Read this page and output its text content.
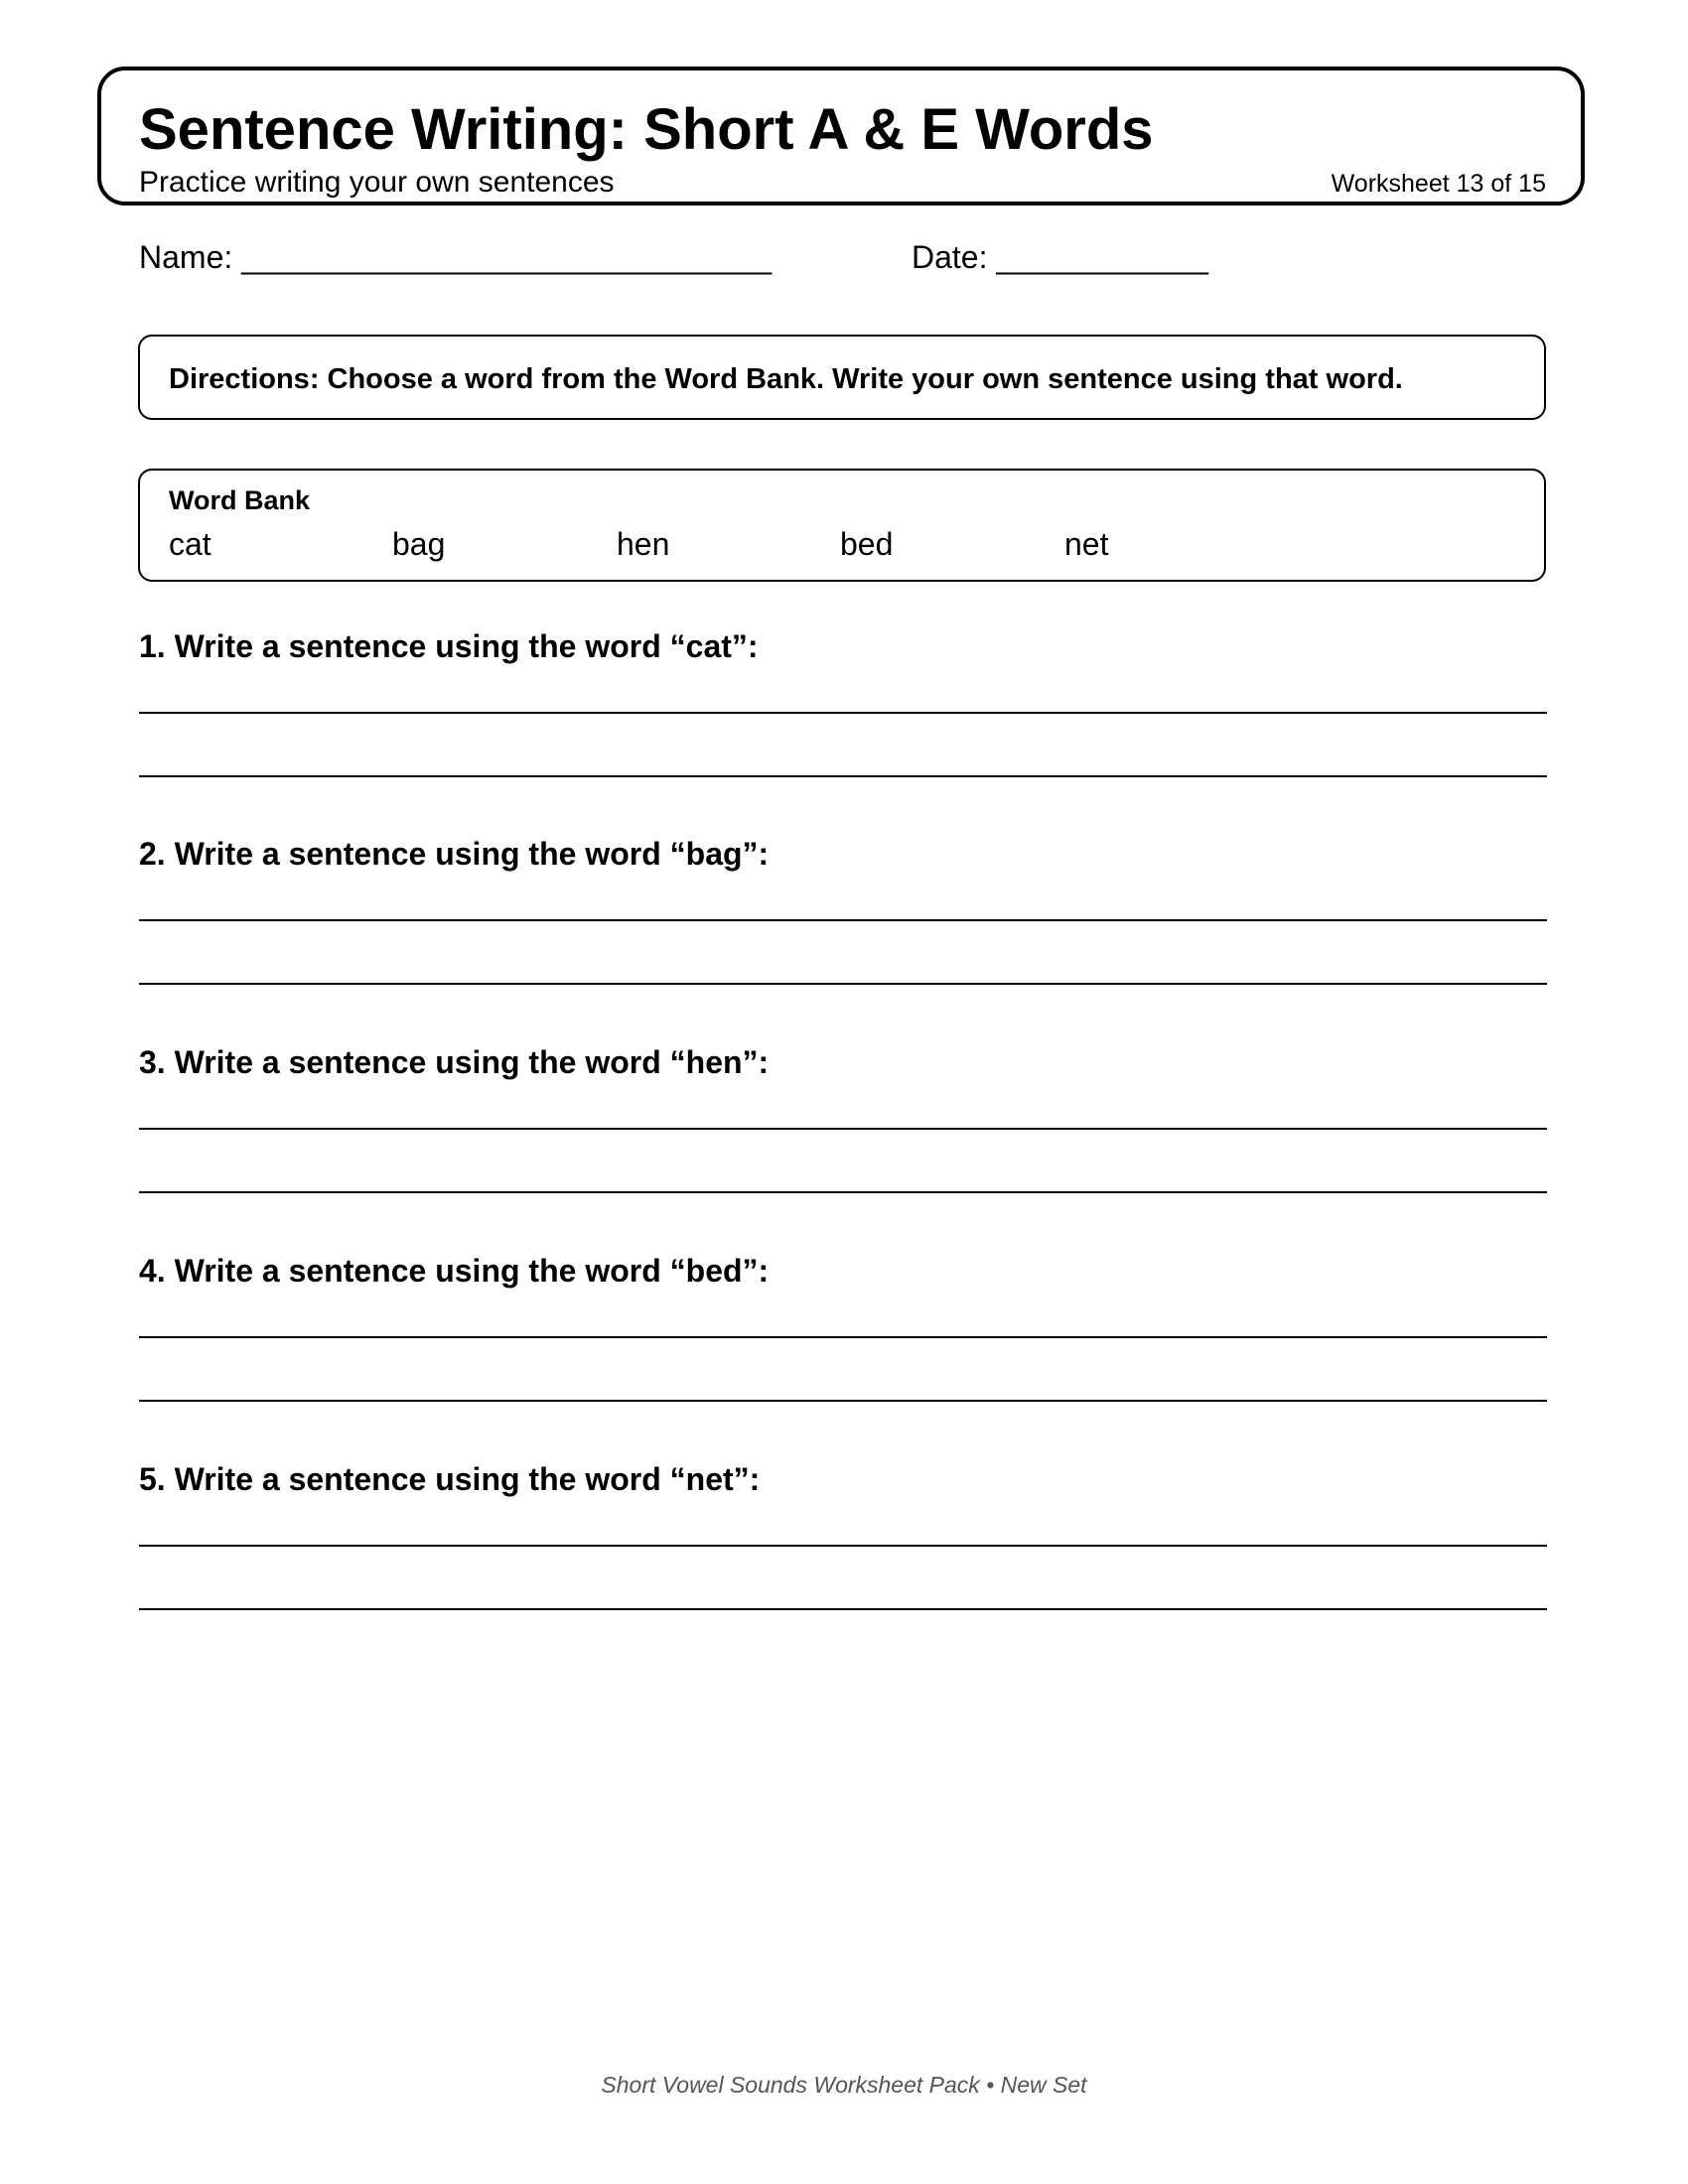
Sentence Writing: Short A & E Words
Practice writing your own sentences	Worksheet 13 of 15
Name: ______________________________	Date: ____________
Directions: Choose a word from the Word Bank. Write your own sentence using that word.
Word Bank
cat	bag	hen	bed	net
1. Write a sentence using the word “cat”:
2. Write a sentence using the word “bag”:
3. Write a sentence using the word “hen”:
4. Write a sentence using the word “bed”:
5. Write a sentence using the word “net”:
Short Vowel Sounds Worksheet Pack • New Set
